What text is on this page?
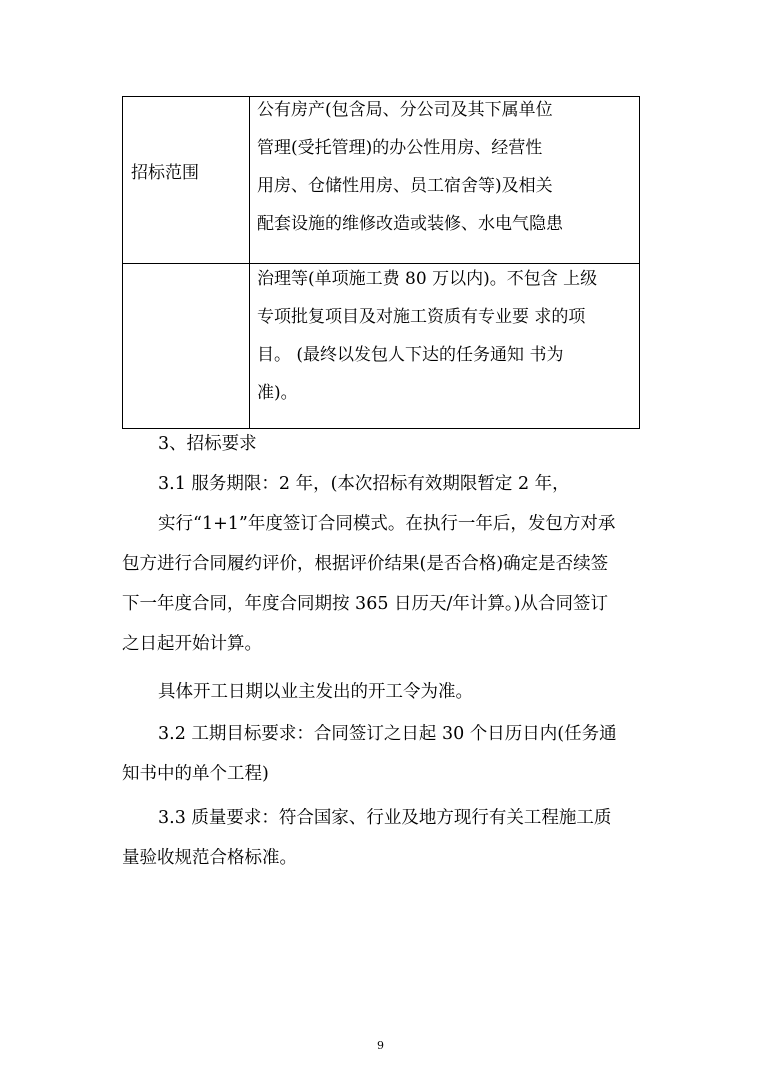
招标范围
公有房产(包含局、分公司及其下属单位
管理(受托管理)的办公性用房、经营性
用房、仓储性用房、员工宿舍等)及相关
配套设施的维修改造或装修、水电气隐患
治理等(单项施工费 80 万以内)。不包含 上级
专项批复项目及对施工资质有专业要 求的项
目。 (最终以发包人下达的任务通知 书为
准)。
3、招标要求
3.1 服务期限：2 年，(本次招标有效期限暂定 2 年，
实行“1+1”年度签订合同模式。在执行一年后，发包方对承
包方进行合同履约评价，根据评价结果(是否合格)确定是否续签
下一年度合同，年度合同期按 365 日历天/年计算。)从合同签订
之日起开始计算。
具体开工日期以业主发出的开工令为准。
3.2 工期目标要求：合同签订之日起 30 个日历日内(任务通
知书中的单个工程)
3.3 质量要求：符合国家、行业及地方现行有关工程施工质
量验收规范合格标准。
9
